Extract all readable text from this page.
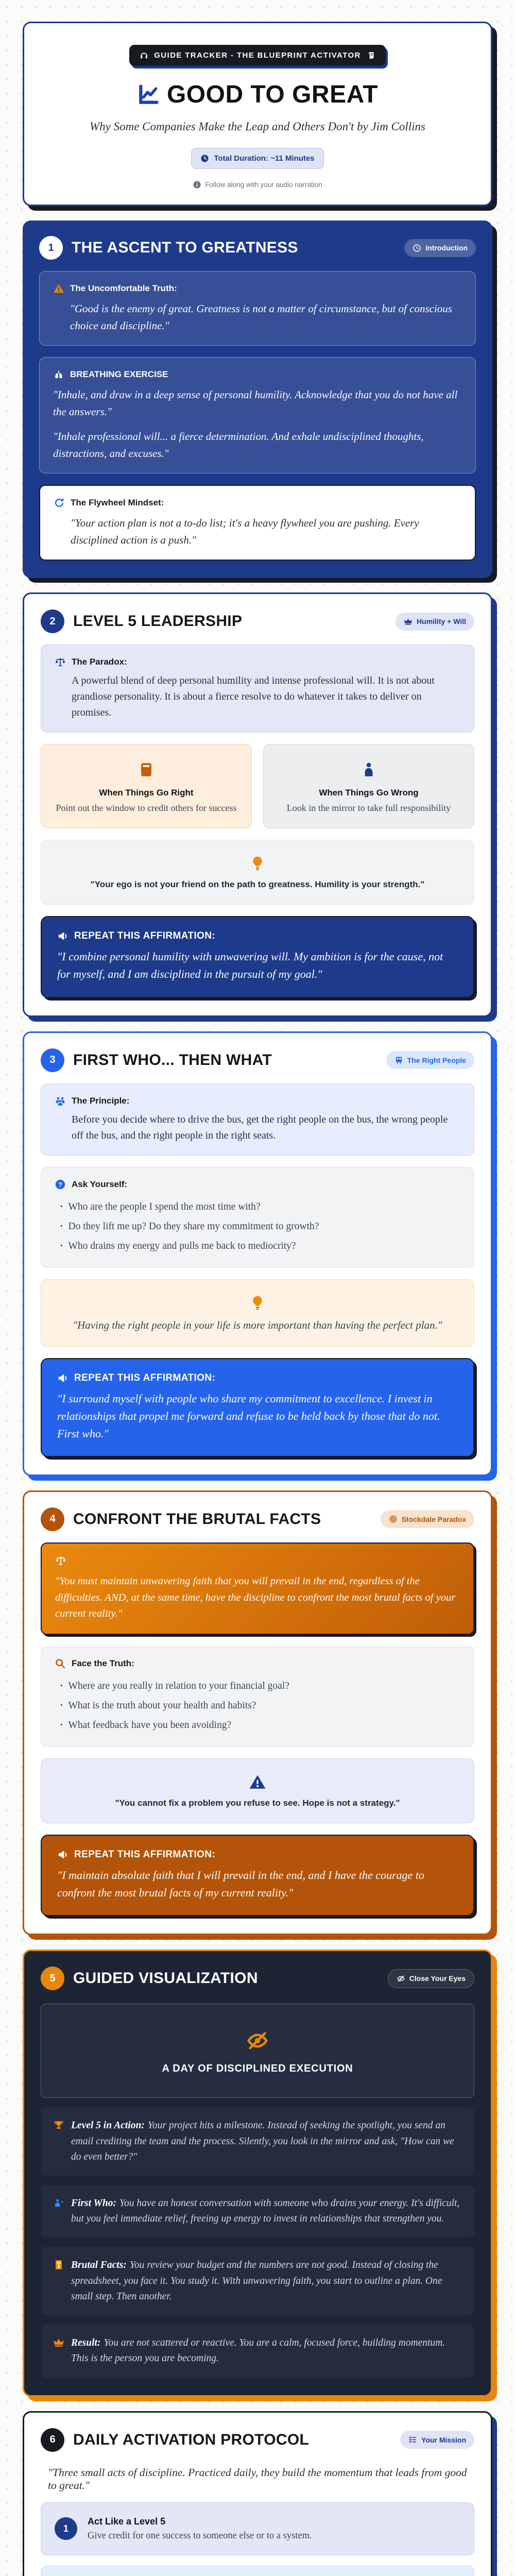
GUIDE TRACKER - THE BLUEPRINT ACTIVATOR
GOOD TO GREAT

Why Some Companies Make the Leap and Others Don't by Jim Collins

Total Duration: ~11 Minutes
Follow along with your audio narration
1	THE ASCENT TO GREATNESS	Introduction
The Uncomfortable Truth:

"Good is the enemy of great. Greatness is not a matter of circumstance, but of conscious choice and discipline."

BREATHING EXERCISE

"Inhale, and draw in a deep sense of personal humility. Acknowledge that you do not have all the answers."

"Inhale professional will... a fierce determination. And exhale undisciplined thoughts, distractions, and excuses."

The Flywheel Mindset:

"Your action plan is not a to-do list; it's a heavy flywheel you are pushing. Every disciplined action is a push."

2	LEVEL 5 LEADERSHIP	Humility + Will
The Paradox:

A powerful blend of deep personal humility and intense professional will. It is not about grandiose personality. It is about a fierce resolve to do whatever it takes to deliver on promises.

When Things Go Right

Point out the window to credit others for success

When Things Go Wrong

Look in the mirror to take full responsibility

"Your ego is not your friend on the path to greatness. Humility is your strength."

REPEAT THIS AFFIRMATION:

"I combine personal humility with unwavering will. My ambition is for the cause, not for myself, and I am disciplined in the pursuit of my goal."

3	FIRST WHO... THEN WHAT	The Right People
The Principle:

Before you decide where to drive the bus, get the right people on the bus, the wrong people off the bus, and the right people in the right seats.

? Ask Yourself:
· Who are the people I spend the most time with?
· Do they lift me up? Do they share my commitment to growth?
· Who drains my energy and pulls me back to mediocrity?

"Having the right people in your life is more important than having the perfect plan."

REPEAT THIS AFFIRMATION:

"I surround myself with people who share my commitment to excellence. I invest in relationships that propel me forward and refuse to be held back by those that do not. First who."

4	CONFRONT THE BRUTAL FACTS	Stockdale Paradox

"You must maintain unwavering faith that you will prevail in the end, regardless of the difficulties. AND, at the same time, have the discipline to confront the most brutal facts of your current reality."

Face the Truth:
· Where are you really in relation to your financial goal?
· What is the truth about your health and habits?
· What feedback have you been avoiding?

"You cannot fix a problem you refuse to see. Hope is not a strategy."

REPEAT THIS AFFIRMATION:

"I maintain absolute faith that I will prevail in the end, and I have the courage to confront the most brutal facts of my current reality."

5	GUIDED VISUALIZATION	Close Your Eyes
A DAY OF DISCIPLINED EXECUTION

Level 5 in Action: Your project hits a milestone. Instead of seeking the spotlight, you send an email crediting the team and the process. Silently, you look in the mirror and ask, "How can we do even better?"

First Who: You have an honest conversation with someone who drains your energy. It's difficult, but you feel immediate relief, freeing up energy to invest in relationships that strengthen you.

$ Brutal Facts: You review your budget and the numbers are not good. Instead of closing the spreadsheet, you face it. You study it. With unwavering faith, you start to outline a plan. One small step. Then another.

Result: You are not scattered or reactive. You are a calm, focused force, building momentum. This is the person you are becoming.

6	DAILY ACTIVATION PROTOCOL	Your Mission

"Three small acts of discipline. Practiced daily, they build the momentum that leads from good to great."

1
Act Like a Level 5

Give credit for one success to someone else or to a system.
